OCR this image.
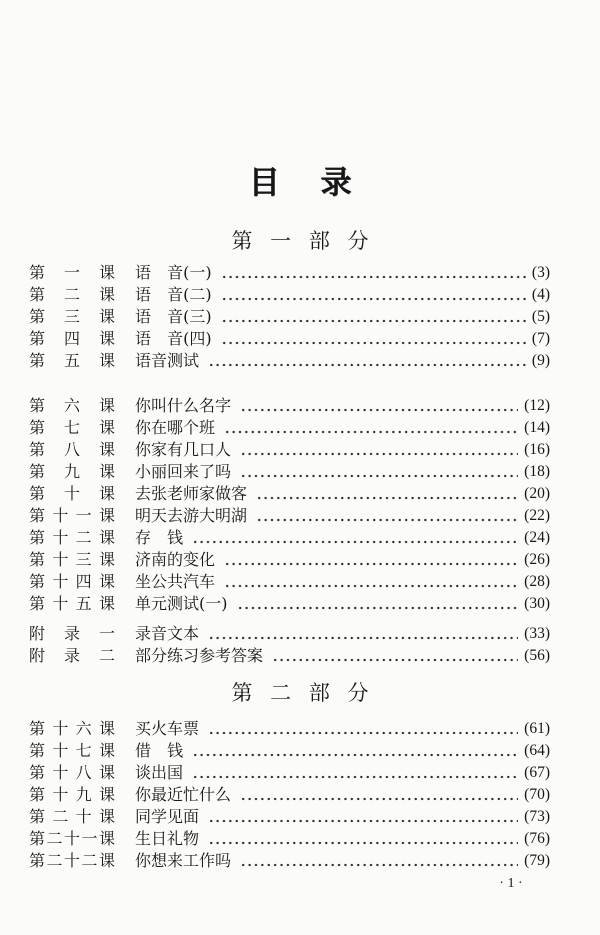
目 录
第 一 部 分
第 一 课 语 音(一)	(3)
第 二 课 语 音(二)	(4)
第 三 课 语 音(三)	(5)
第 四 课 语 音(四)	(7)
第 五 课 语音测试	(9)
第 六 课 你叫什么名字	(12)
第 七 课 你在哪个班	(14)
第 八 课 你家有几口人	(16)
第 九 课 小丽回来了吗	(18)
第 十 课 去张老师家做客	(20)
第十一课 明天去游大明湖	(22)
第十二课 存 钱	(24)
第十三课 济南的变化	(26)
第十四课 坐公共汽车	(28)
第十五课 单元测试(一)	(30)
附 录 一 录音文本	(33)
附 录 二 部分练习参考答案	(56)
第 二 部 分
第十六课 买火车票	(61)
第十七课 借 钱	(64)
第十八课 谈出国	(67)
第十九课 你最近忙什么	(70)
第二十课 同学见面	(73)
第二十一课 生日礼物	(76)
第二十二课 你想来工作吗	(79)
· 1 ·
